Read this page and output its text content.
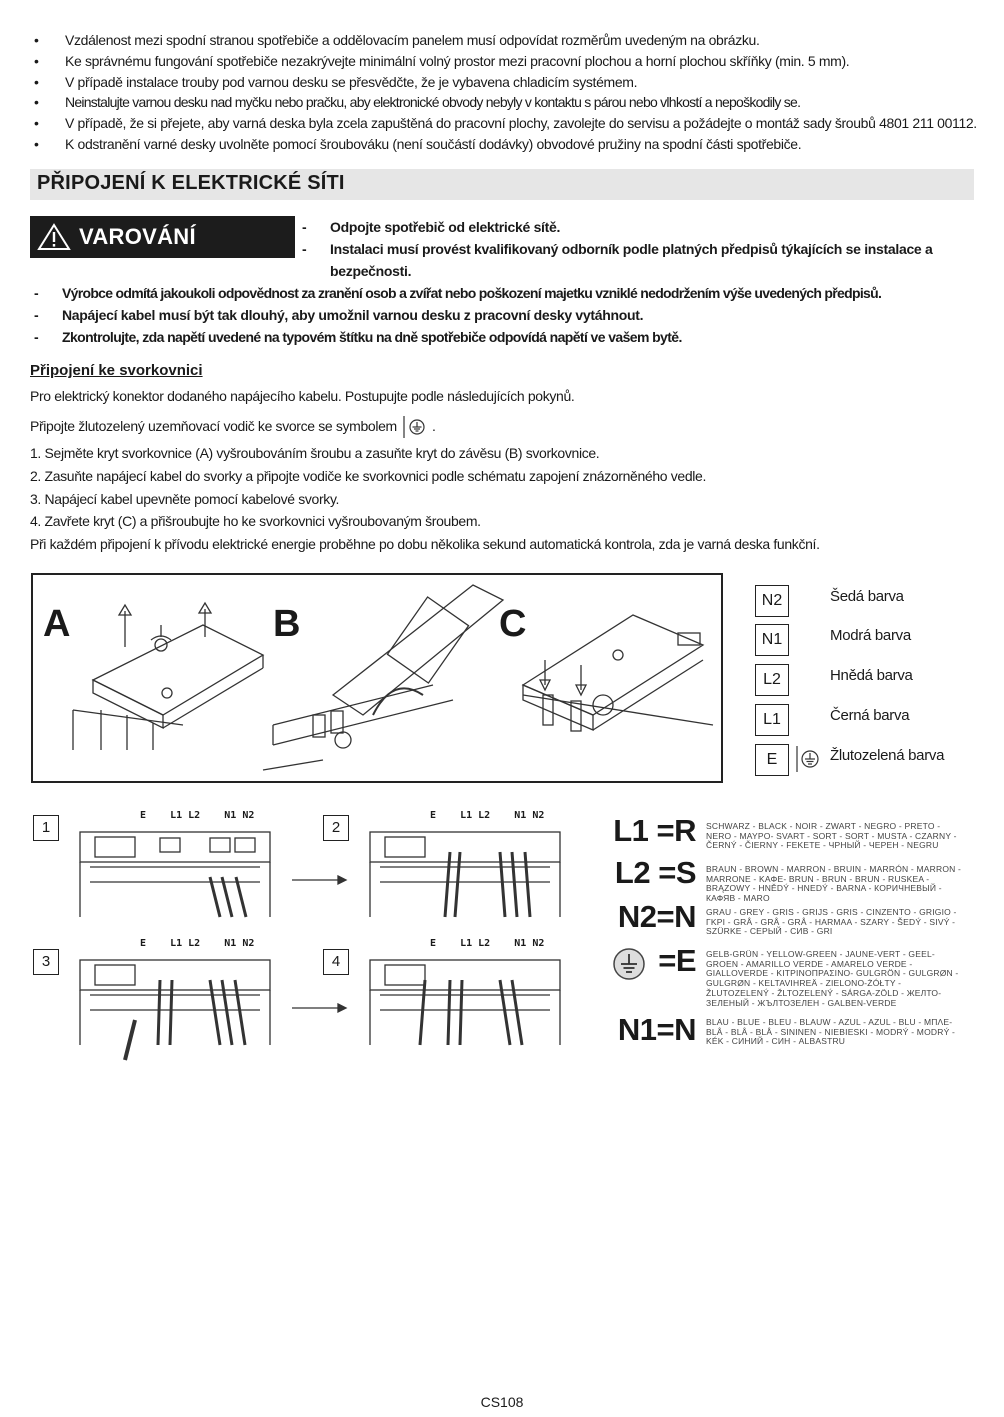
• Vzdálenost mezi spodní stranou spotřebiče a oddělovacím panelem musí odpovídat rozměrům uvedeným na obrázku.
• Ke správnému fungování spotřebiče nezakrývejte minimální volný prostor mezi pracovní plochou a horní plochou skříňky (min. 5 mm).
• V případě instalace trouby pod varnou desku se přesvědčte, že je vybavena chladicím systémem.
• Neinstalujte varnou desku nad myčku nebo pračku, aby elektronické obvody nebyly v kontaktu s párou nebo vlhkostí a nepoškodily se.
• V případě, že si přejete, aby varná deska byla zcela zapuštěná do pracovní plochy, zavolejte do servisu a požádejte o montáž sady šroubů 4801 211 00112.
• K odstranění varné desky uvolněte pomocí šroubováku (není součástí dodávky) obvodové pružiny na spodní části spotřebiče.
PŘIPOJENÍ K ELEKTRICKÉ SÍTI
VAROVÁNÍ
-	Odpojte spotřebič od elektrické sítě.
- Instalaci musí provést kvalifikovaný odborník podle platných předpisů týkajících se instalace a bezpečnosti.
- Výrobce odmítá jakoukoli odpovědnost za zranění osob a zvířat nebo poškození majetku vzniklé nedodržením výše uvedených předpisů.
- Napájecí kabel musí být tak dlouhý, aby umožnil varnou desku z pracovní desky vytáhnout.
- Zkontrolujte, zda napětí uvedené na typovém štítku na dně spotřebiče odpovídá napětí ve vašem bytě.
Připojení ke svorkovnici
Pro elektrický konektor dodaného napájecího kabelu. Postupujte podle následujících pokynů.
Připojte žlutozelený uzemňovací vodič ke svorce se symbolem	.
1. Sejměte kryt svorkovnice (A) vyšroubováním šroubu a zasuňte kryt do závěsu (B) svorkovnice.
2. Zasuňte napájecí kabel do svorky a připojte vodiče ke svorkovnici podle schématu zapojení znázorněného vedle.
3. Napájecí kabel upevněte pomocí kabelové svorky.
4. Zavřete kryt (C) a přišroubujte ho ke svorkovnici vyšroubovaným šroubem.
Při každém připojení k přívodu elektrické energie proběhne po dobu několika sekund automatická kontrola, zda je varná deska funkční.
A	B	C
N2	Šedá barva
N1	Modrá barva
L2	Hnědá barva
L1	Černá barva
E	Žlutozelená barva
1	2
3	4
E    L1 L2    N1 N2	E    L1 L2    N1 N2
E    L1 L2    N1 N2	E    L1 L2    N1 N2
L1 =R SCHWARZ - BLACK - NOIR - ZWART - NEGRO - PRETO - NERO - ΜΑΥΡΟ- SVART - SORT - SORT - MUSTA - CZARNY - ČERNÝ - ČIERNY - FEKETE - ЧРНЫЙ - ЧЕРЕН - NEGRU
L2 =S BRAUN - BROWN - MARRON - BRUIN - MARRÓN - MARRON - MARRONE - ΚΑΦΕ- BRUN - BRUN - BRUN - RUSKEA - BRĄZOWY - HNĚDÝ - HNEDÝ - BARNA - КОРИЧНЕВЫЙ - КАФЯВ - MARO
N2=N GRAU - GREY - GRIS - GRIJS - GRIS - CINZENTO - GRIGIO - ΓΚΡΙ - GRÅ - GRÅ - GRÅ - HARMAA - SZARY - ŠEDÝ - SIVÝ - SZÜRKE - СЕРЫЙ - СИВ - GRI
=E GELB-GRÜN - YELLOW-GREEN - JAUNE-VERT - GEEL-GROEN - AMARILLO VERDE - AMARELO VERDE - GIALLOVERDE - ΚΙΤΡΙΝΟΠΡΑΣΙΝΟ- GULGRÖN - GULGRØN - GULGRØN - KELTAVIHREÄ - ZIELONO-ŻÓŁTY - ŽLUTOZELENÝ - ŽLTOZELENÝ - SÁRGA-ZÖLD - ЖЕЛТО-ЗЕЛЕНЫЙ - ЖЪЛТОЗЕЛЕН - GALBEN-VERDE
N1=N BLAU - BLUE - BLEU - BLAUW - AZUL - AZUL - BLU - ΜΠΛΕ- BLÅ - BLÅ - BLÅ - SININEN - NIEBIESKI - MODRÝ - MODRÝ - KÉK - СИНИЙ - СИН - ALBASTRU
CS108
